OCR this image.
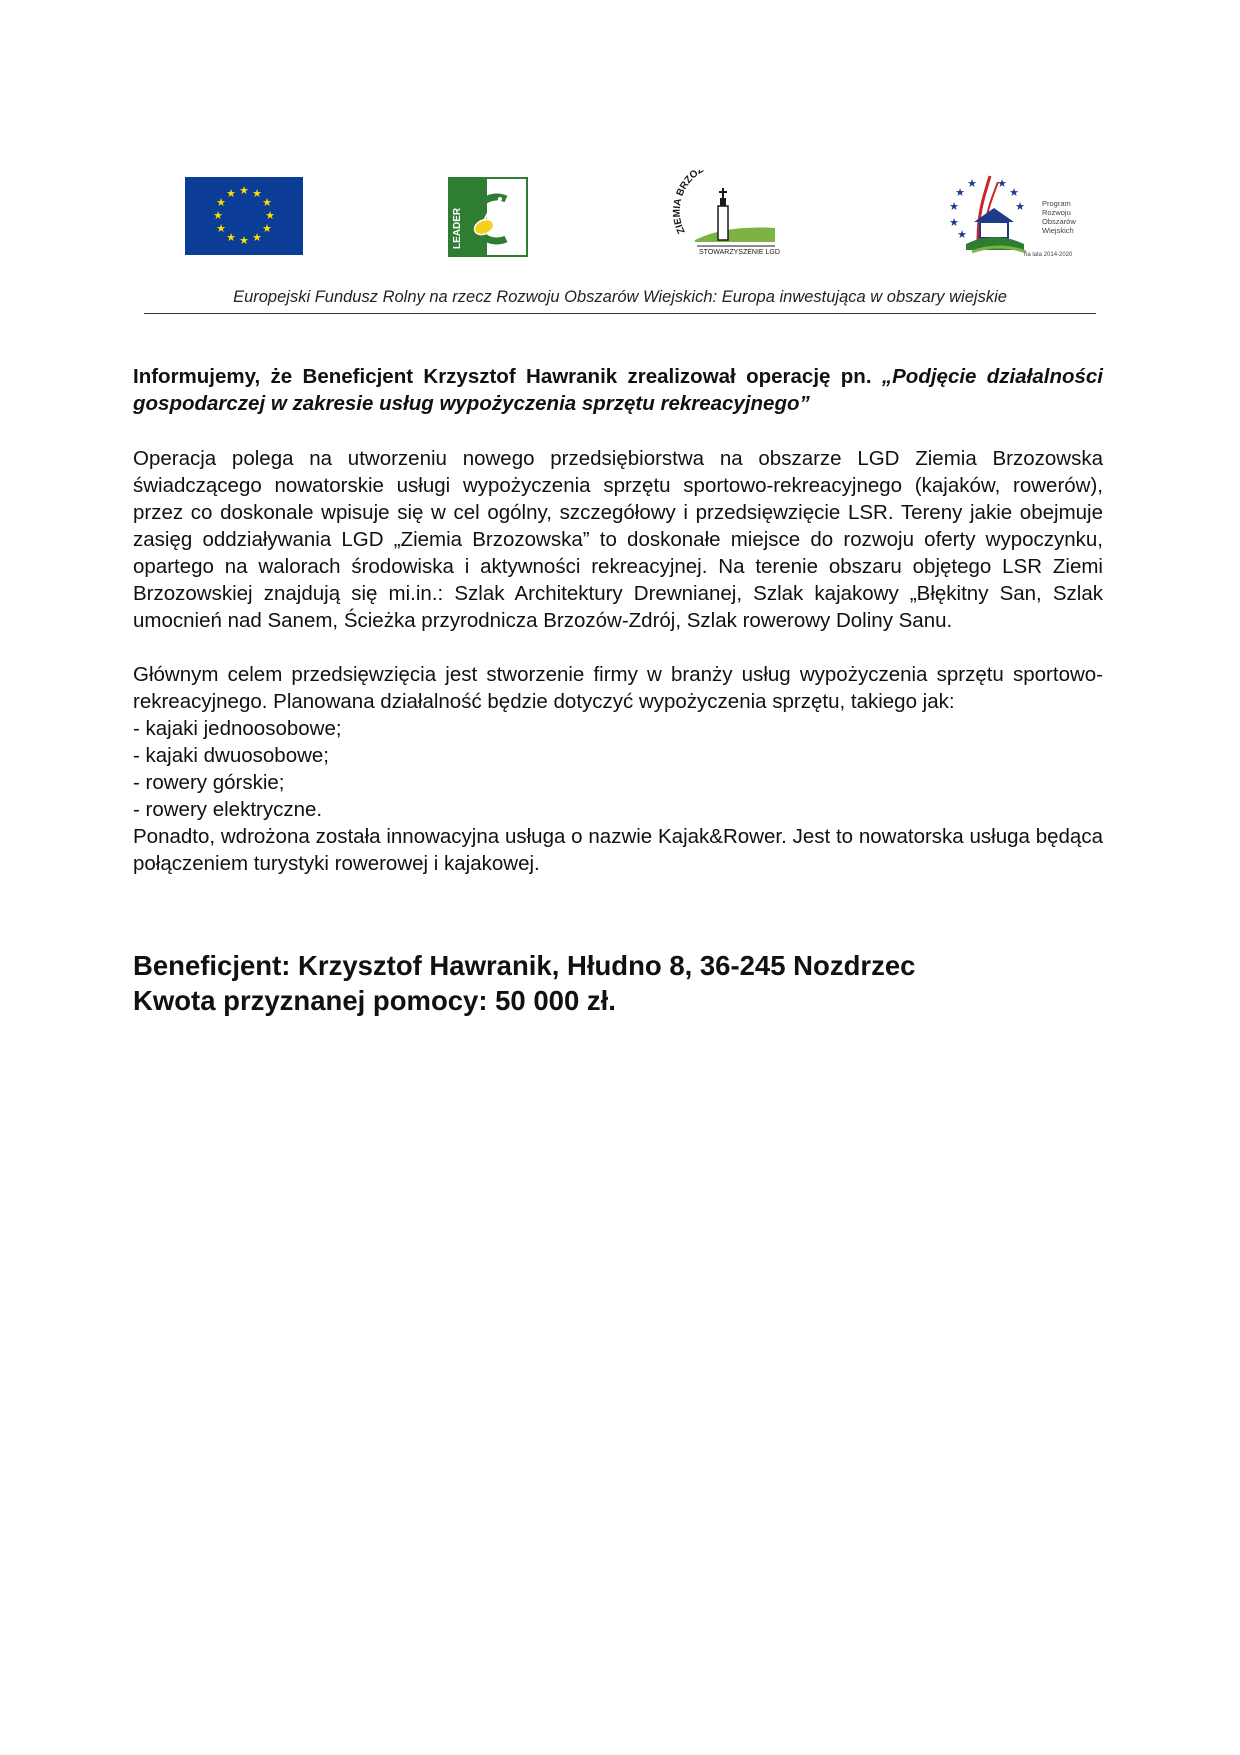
★ ★
★
★
★
★
★
★
★
★
★
★
LEADER	ZIEMIA BRZOZ
STOWARZYSZENIE LGD
★
★
★ ★
★
★
★
★
Program
Rozwoju
Obszarów
Wiejskich
na lata 2014-2020
Europejski Fundusz Rolny na rzecz Rozwoju Obszarów Wiejskich: Europa inwestująca w obszary wiejskie

Informujemy, że Beneficjent Krzysztof Hawranik zrealizował operację pn. „Podjęcie działalności gospodarczej w zakresie usług wypożyczenia sprzętu rekreacyjnego”

Operacja polega na utworzeniu nowego przedsiębiorstwa na obszarze LGD Ziemia Brzozowska świadczącego nowatorskie usługi wypożyczenia sprzętu sportowo-rekreacyjnego (kajaków, rowerów), przez co doskonale wpisuje się w cel ogólny, szczegółowy i przedsięwzięcie LSR. Tereny jakie obejmuje zasięg oddziaływania LGD „Ziemia Brzozowska” to doskonałe miejsce do rozwoju oferty wypoczynku, opartego na walorach środowiska i aktywności rekreacyjnej. Na terenie obszaru objętego LSR Ziemi Brzozowskiej znajdują się mi.in.: Szlak Architektury Drewnianej, Szlak kajakowy „Błękitny San, Szlak umocnień nad Sanem, Ścieżka przyrodnicza Brzozów-Zdrój, Szlak rowerowy Doliny Sanu.

Głównym celem przedsięwzięcia jest stworzenie firmy w branży usług wypożyczenia sprzętu sportowo-rekreacyjnego. Planowana działalność będzie dotyczyć wypożyczenia sprzętu, takiego jak:

- kajaki jednoosobowe;
- kajaki dwuosobowe;
- rowery górskie;
- rowery elektryczne.

Ponadto, wdrożona została innowacyjna usługa o nazwie Kajak&Rower. Jest to nowatorska usługa będąca połączeniem turystyki rowerowej i kajakowej.

Beneficjent: Krzysztof Hawranik, Hłudno 8, 36-245 Nozdrzec
Kwota przyznanej pomocy: 50 000 zł.
